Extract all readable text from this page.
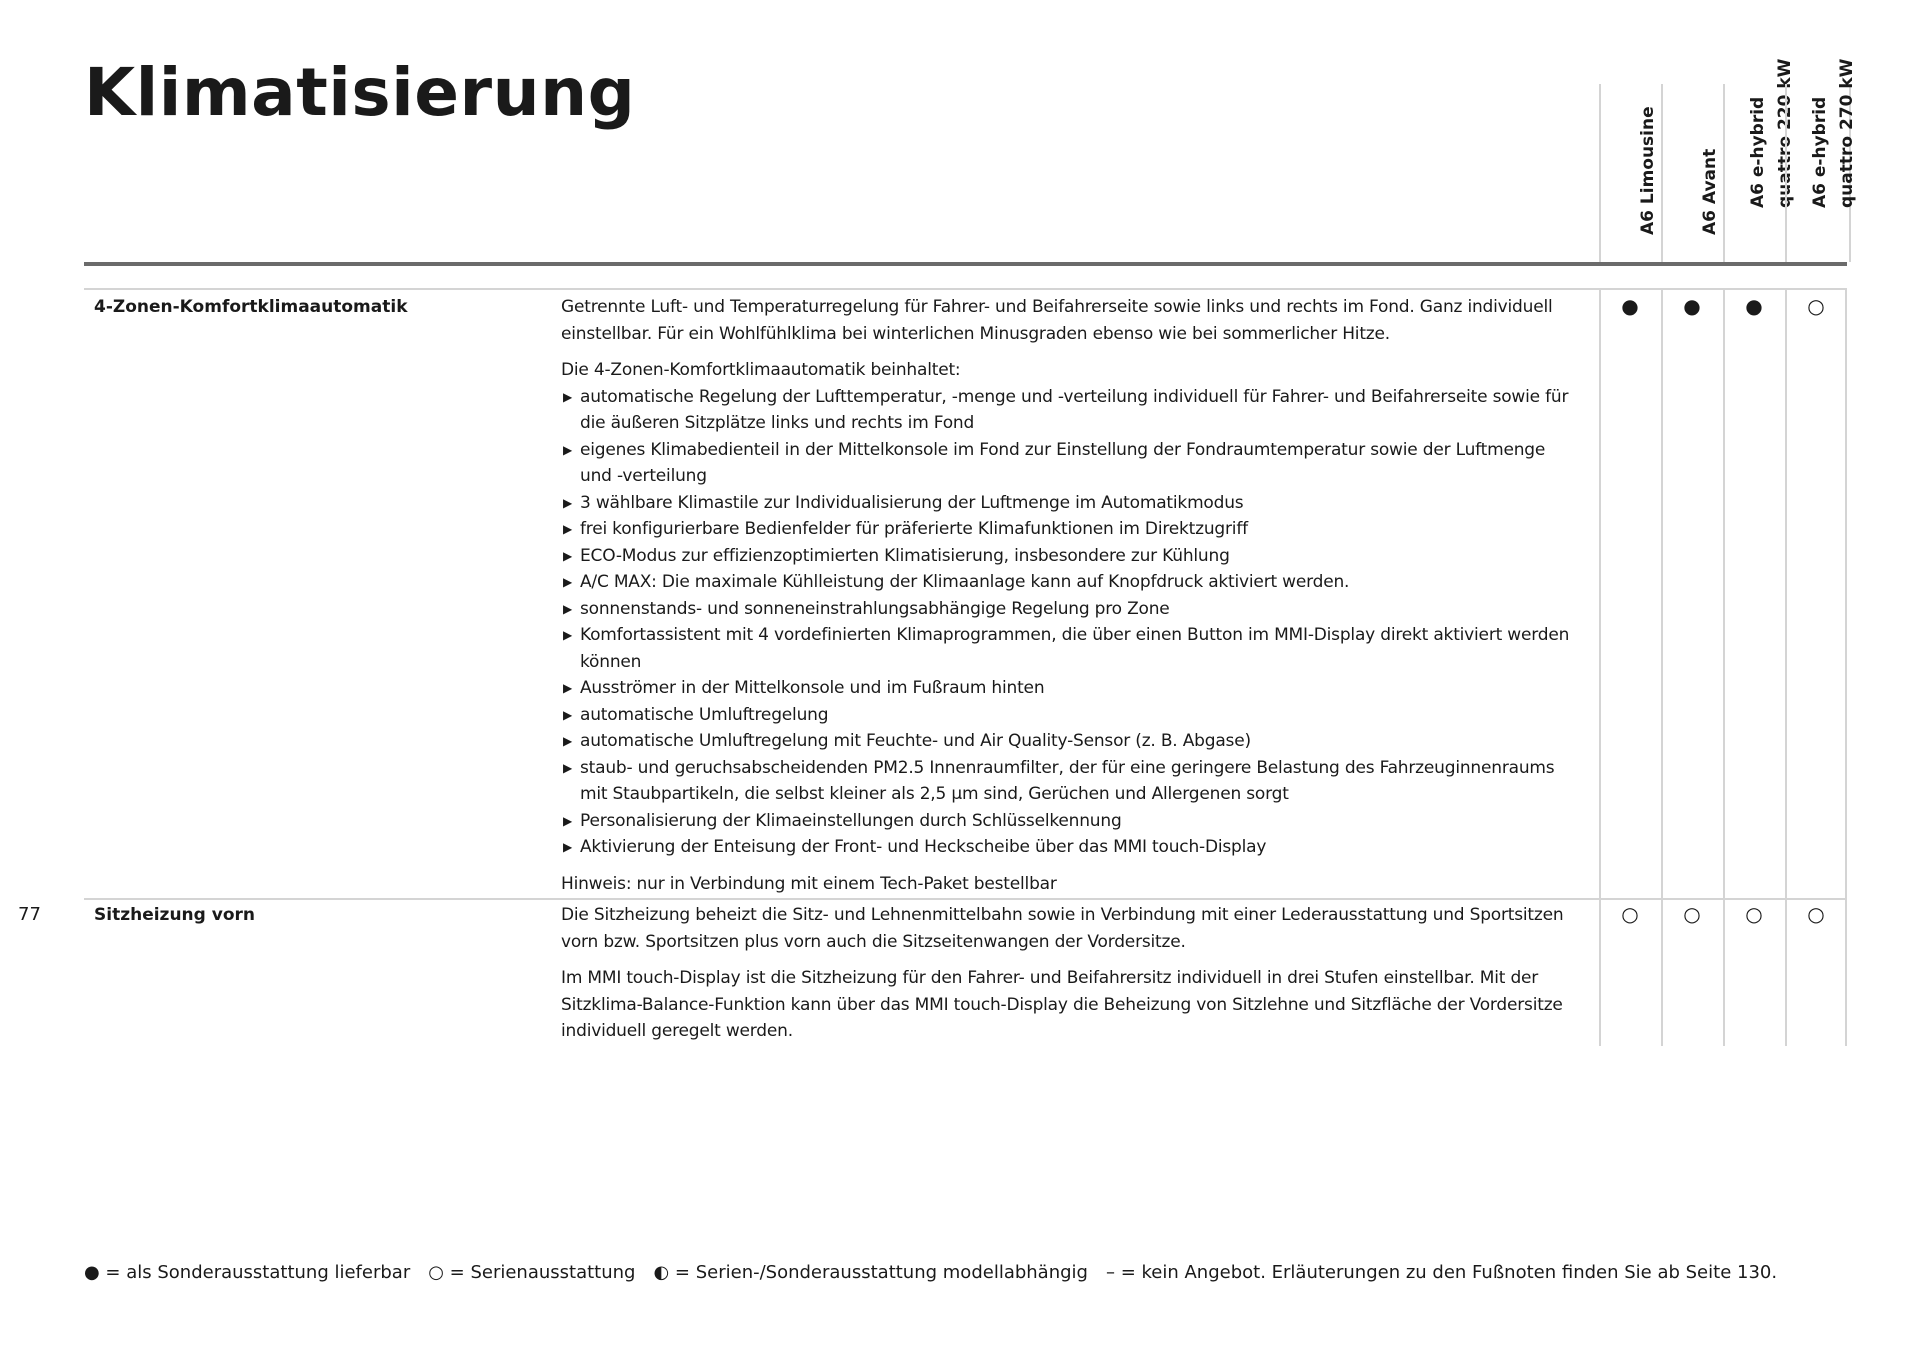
Klimatisierung
A6 Limousine A6 Avant A6 e-hybrid
quattro 220 kW
A6 e-hybrid
quattro 270 kW
4-Zonen-Komfortklimaautomatik	Getrennte Luft- und Temperaturregelung für Fahrer- und Beifahrerseite sowie links und rechts im Fond. Ganz individuell einstellbar. Für ein Wohlfühlklima bei winterlichen Minusgraden ebenso wie bei sommerlicher Hitze.

Die 4-Zonen-Komfortklimaautomatik beinhaltet:

▶ automatische Regelung der Lufttemperatur, -menge und -verteilung individuell für Fahrer- und Beifahrerseite sowie für die äußeren Sitzplätze links und rechts im Fond
▶ eigenes Klimabedienteil in der Mittelkonsole im Fond zur Einstellung der Fondraumtemperatur sowie der Luftmenge und -verteilung
▶ 3 wählbare Klimastile zur Individualisierung der Luftmenge im Automatikmodus
▶ frei konfigurierbare Bedienfelder für präferierte Klimafunktionen im Direktzugriff
▶ ECO-Modus zur effizienzoptimierten Klimatisierung, insbesondere zur Kühlung
▶ A/C MAX: Die maximale Kühlleistung der Klimaanlage kann auf Knopfdruck aktiviert werden.
▶ sonnenstands- und sonneneinstrahlungsabhängige Regelung pro Zone
▶ Komfortassistent mit 4 vordefinierten Klimaprogrammen, die über einen Button im MMI-Display direkt aktiviert werden können
▶ Ausströmer in der Mittelkonsole und im Fußraum hinten
▶ automatische Umluftregelung
▶ automatische Umluftregelung mit Feuchte- und Air Quality-Sensor (z. B. Abgase)
▶ staub- und geruchsabscheidenden PM2.5 Innenraumfilter, der für eine geringere Belastung des Fahrzeuginnenraums mit Staubpartikeln, die selbst kleiner als 2,5 µm sind, Gerüchen und Allergenen sorgt
▶ Personalisierung der Klimaeinstellungen durch Schlüsselkennung
▶ Aktivierung der Enteisung der Front- und Heckscheibe über das MMI touch-Display

Hinweis: nur in Verbindung mit einem Tech-Paket bestellbar

● ● ● ○
Sitzheizung vorn	Die Sitzheizung beheizt die Sitz- und Lehnenmittelbahn sowie in Verbindung mit einer Lederausstattung und Sportsitzen vorn bzw. Sportsitzen plus vorn auch die Sitzseitenwangen der Vordersitze.

Im MMI touch-Display ist die Sitzheizung für den Fahrer- und Beifahrersitz individuell in drei Stufen einstellbar. Mit der Sitzklima-Balance-Funktion kann über das MMI touch-Display die Beheizung von Sitzlehne und Sitzfläche der Vordersitze individuell geregelt werden.

○ ○ ○ ○
77
● = als Sonderausstattung lieferbar ○ = Serienausstattung ◐ = Serien-/Sonderausstattung modellabhängig – = kein Angebot. Erläuterungen zu den Fußnoten finden Sie ab Seite 130.
